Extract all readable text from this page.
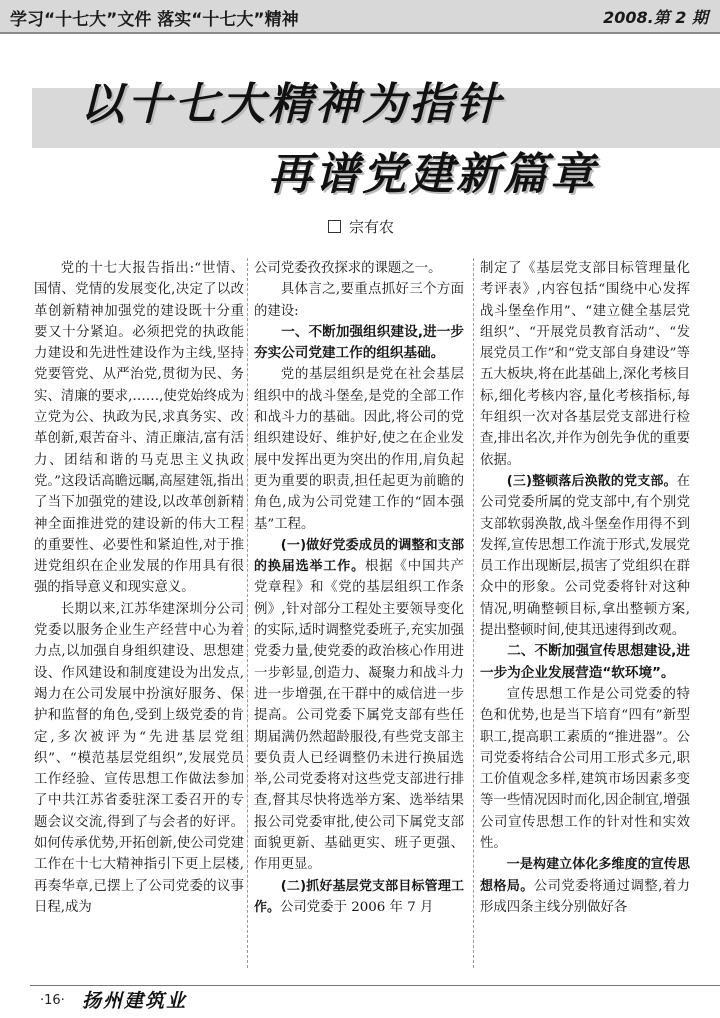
学习“十七大”文件 落实“十七大”精神	2008.第 2 期
以十七大精神为指针
再谱党建新篇章
宗有农

党的十七大报告指出:“世情、国情、党情的发展变化,决定了以改革创新精神加强党的建设既十分重要又十分紧迫。必须把党的执政能力建设和先进性建设作为主线,坚持党要管党、从严治党,贯彻为民、务实、清廉的要求,……,使党始终成为立党为公、执政为民,求真务实、改革创新,艰苦奋斗、清正廉洁,富有活力、团结和谐的马克思主义执政党。”这段话高瞻远瞩,高屋建瓴,指出了当下加强党的建设,以改革创新精神全面推进党的建设新的伟大工程的重要性、必要性和紧迫性,对于推进党组织在企业发展的作用具有很强的指导意义和现实意义。

长期以来,江苏华建深圳分公司党委以服务企业生产经营中心为着力点,以加强自身组织建设、思想建设、作风建设和制度建设为出发点,竭力在公司发展中扮演好服务、保护和监督的角色,受到上级党委的肯定,多次被评为“先进基层党组织”、“模范基层党组织”,发展党员工作经验、宣传思想工作做法参加了中共江苏省委驻深工委召开的专题会议交流,得到了与会者的好评。如何传承优势,开拓创新,使公司党建工作在十七大精神指引下更上层楼,再奏华章,已摆上了公司党委的议事日程,成为

公司党委孜孜探求的课题之一。

具体言之,要重点抓好三个方面的建设:

一、不断加强组织建设,进一步夯实公司党建工作的组织基础。

党的基层组织是党在社会基层组织中的战斗堡垒,是党的全部工作和战斗力的基础。因此,将公司的党组织建设好、维护好,使之在企业发展中发挥出更为突出的作用,肩负起更为重要的职责,担任起更为前瞻的角色,成为公司党建工作的“固本强基”工程。

(一)做好党委成员的调整和支部的换届选举工作。根据《中国共产党章程》和《党的基层组织工作条例》,针对部分工程处主要领导变化的实际,适时调整党委班子,充实加强党委力量,使党委的政治核心作用进一步彰显,创造力、凝聚力和战斗力进一步增强,在干群中的威信进一步提高。公司党委下属党支部有些任期届满仍然超龄服役,有些党支部主要负责人已经调整仍未进行换届选举,公司党委将对这些党支部进行排查,督其尽快将选举方案、选举结果报公司党委审批,使公司下属党支部面貌更新、基础更实、班子更强、作用更显。

(二)抓好基层党支部目标管理工作。公司党委于 2006 年 7 月

制定了《基层党支部目标管理量化考评表》,内容包括“围绕中心发挥战斗堡垒作用”、“建立健全基层党组织”、“开展党员教育活动”、“发展党员工作”和“党支部自身建设”等五大板块,将在此基础上,深化考核目标,细化考核内容,量化考核指标,每年组织一次对各基层党支部进行检查,排出名次,并作为创先争优的重要依据。

(三)整顿落后涣散的党支部。在公司党委所属的党支部中,有个别党支部软弱涣散,战斗堡垒作用得不到发挥,宣传思想工作流于形式,发展党员工作出现断层,损害了党组织在群众中的形象。公司党委将针对这种情况,明确整顿目标,拿出整顿方案,提出整顿时间,使其迅速得到改观。

二、不断加强宣传思想建设,进一步为企业发展营造“软环境”。

宣传思想工作是公司党委的特色和优势,也是当下培育“四有”新型职工,提高职工素质的“推进器”。公司党委将结合公司用工形式多元,职工价值观念多样,建筑市场因素多变等一些情况因时而化,因企制宜,增强公司宣传思想工作的针对性和实效性。

一是构建立体化多维度的宣传思想格局。公司党委将通过调整,着力形成四条主线分别做好各

·16· 扬州建筑业
